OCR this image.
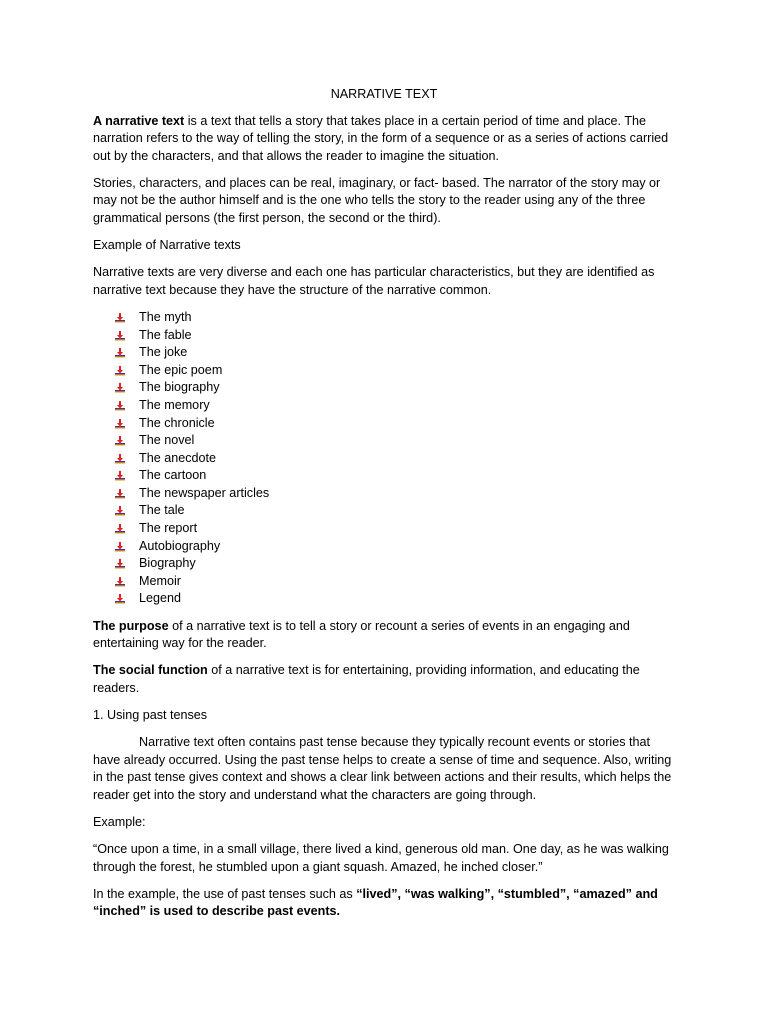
NARRATIVE TEXT

A narrative text is a text that tells a story that takes place in a certain period of time and place. The narration refers to the way of telling the story, in the form of a sequence or as a series of actions carried out by the characters, and that allows the reader to imagine the situation.

Stories, characters, and places can be real, imaginary, or fact- based. The narrator of the story may or may not be the author himself and is the one who tells the story to the reader using any of the three grammatical persons (the first person, the second or the third).

Example of Narrative texts

Narrative texts are very diverse and each one has particular characteristics, but they are identified as narrative text because they have the structure of the narrative common.

The myth
The fable
The joke
The epic poem
The biography
The memory
The chronicle
The novel
The anecdote
The cartoon
The newspaper articles
The tale
The report
Autobiography
Biography
Memoir
Legend

The purpose of a narrative text is to tell a story or recount a series of events in an engaging and entertaining way for the reader.

The social function of a narrative text is for entertaining, providing information, and educating the readers.

1. Using past tenses

Narrative text often contains past tense because they typically recount events or stories that have already occurred. Using the past tense helps to create a sense of time and sequence. Also, writing in the past tense gives context and shows a clear link between actions and their results, which helps the reader get into the story and understand what the characters are going through.

Example:

“Once upon a time, in a small village, there lived a kind, generous old man. One day, as he was walking through the forest, he stumbled upon a giant squash. Amazed, he inched closer.”

In the example, the use of past tenses such as “lived”, “was walking”, “stumbled”, “amazed” and “inched” is used to describe past events.
